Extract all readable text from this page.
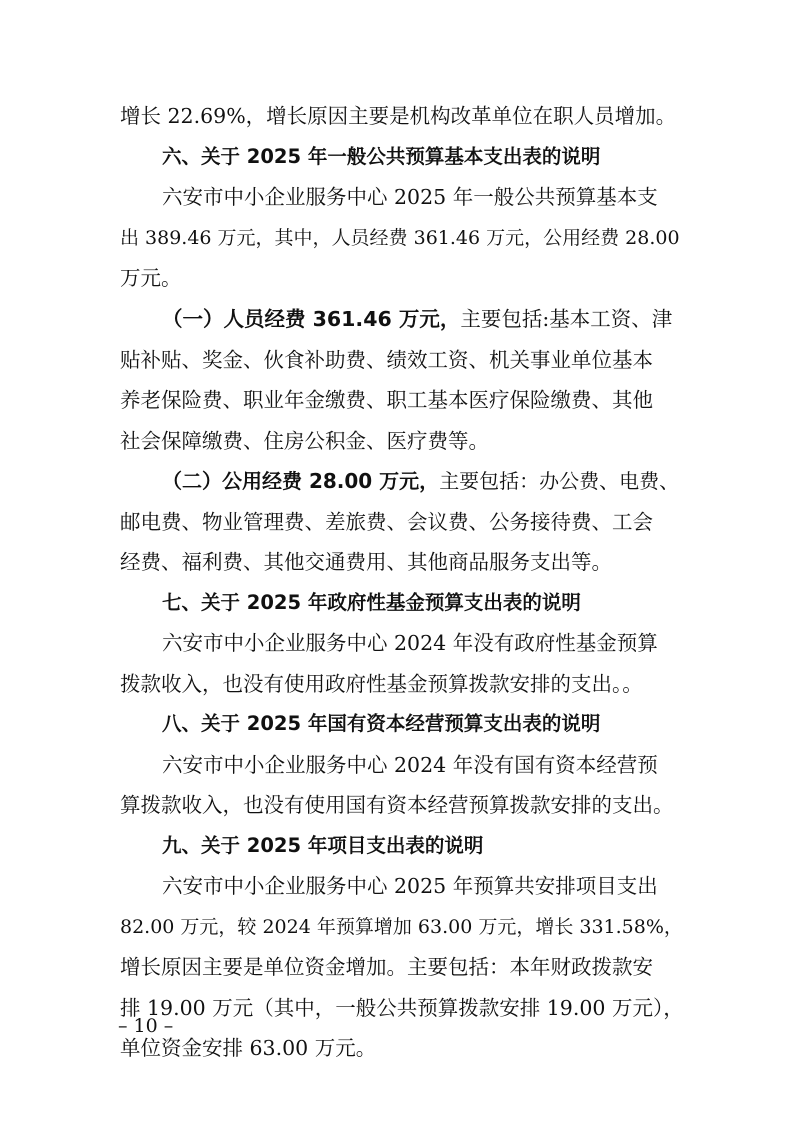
增长 22.69%，增长原因主要是机构改革单位在职人员增加。
六、关于 2025 年一般公共预算基本支出表的说明
六安市中小企业服务中心 2025 年一般公共预算基本支
出 389.46 万元，其中，人员经费 361.46 万元，公用经费 28.00
万元。
（一）人员经费 361.46 万元，主要包括:基本工资、津
贴补贴、奖金、伙食补助费、绩效工资、机关事业单位基本
养老保险费、职业年金缴费、职工基本医疗保险缴费、其他
社会保障缴费、住房公积金、医疗费等。
（二）公用经费 28.00 万元，主要包括：办公费、电费、
邮电费、物业管理费、差旅费、会议费、公务接待费、工会
经费、福利费、其他交通费用、其他商品服务支出等。
七、关于 2025 年政府性基金预算支出表的说明
六安市中小企业服务中心 2024 年没有政府性基金预算
拨款收入，也没有使用政府性基金预算拨款安排的支出。。
八、关于 2025 年国有资本经营预算支出表的说明
六安市中小企业服务中心 2024 年没有国有资本经营预
算拨款收入，也没有使用国有资本经营预算拨款安排的支出。
九、关于 2025 年项目支出表的说明
六安市中小企业服务中心 2025 年预算共安排项目支出
82.00 万元，较 2024 年预算增加 63.00 万元，增长 331.58%，
增长原因主要是单位资金增加。主要包括：本年财政拨款安
排 19.00 万元（其中，一般公共预算拨款安排 19.00 万元），
单位资金安排 63.00 万元。
– 10 –
